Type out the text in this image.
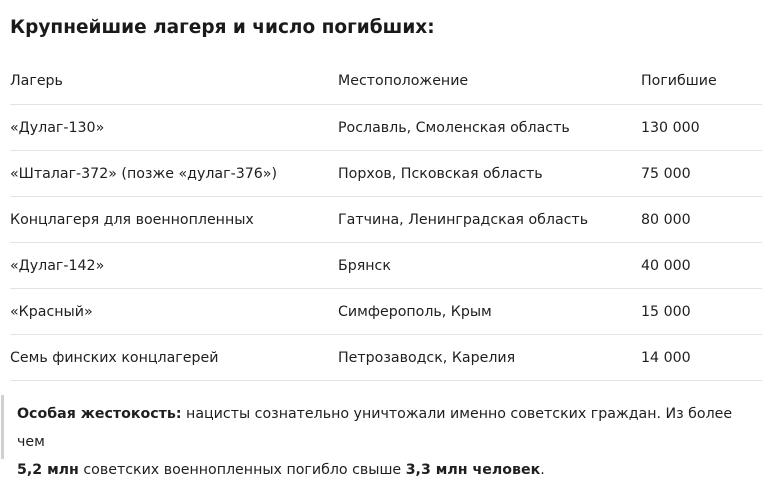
Крупнейшие лагеря и число погибших:
Лагерь	Местоположение	Погибшие
«Дулаг-130»	Рославль, Смоленская область	130 000
«Шталаг-372» (позже «дулаг-376»)	Порхов, Псковская область	75 000
Концлагеря для военнопленных	Гатчина, Ленинградская область	80 000
«Дулаг-142»	Брянск	40 000
«Красный»	Симферополь, Крым	15 000
Семь финских концлагерей	Петрозаводск, Карелия	14 000
Особая жестокость: нацисты сознательно уничтожали именно советских граждан. Из более чем
5,2 млн советских военнопленных погибло свыше 3,3 млн человек.
